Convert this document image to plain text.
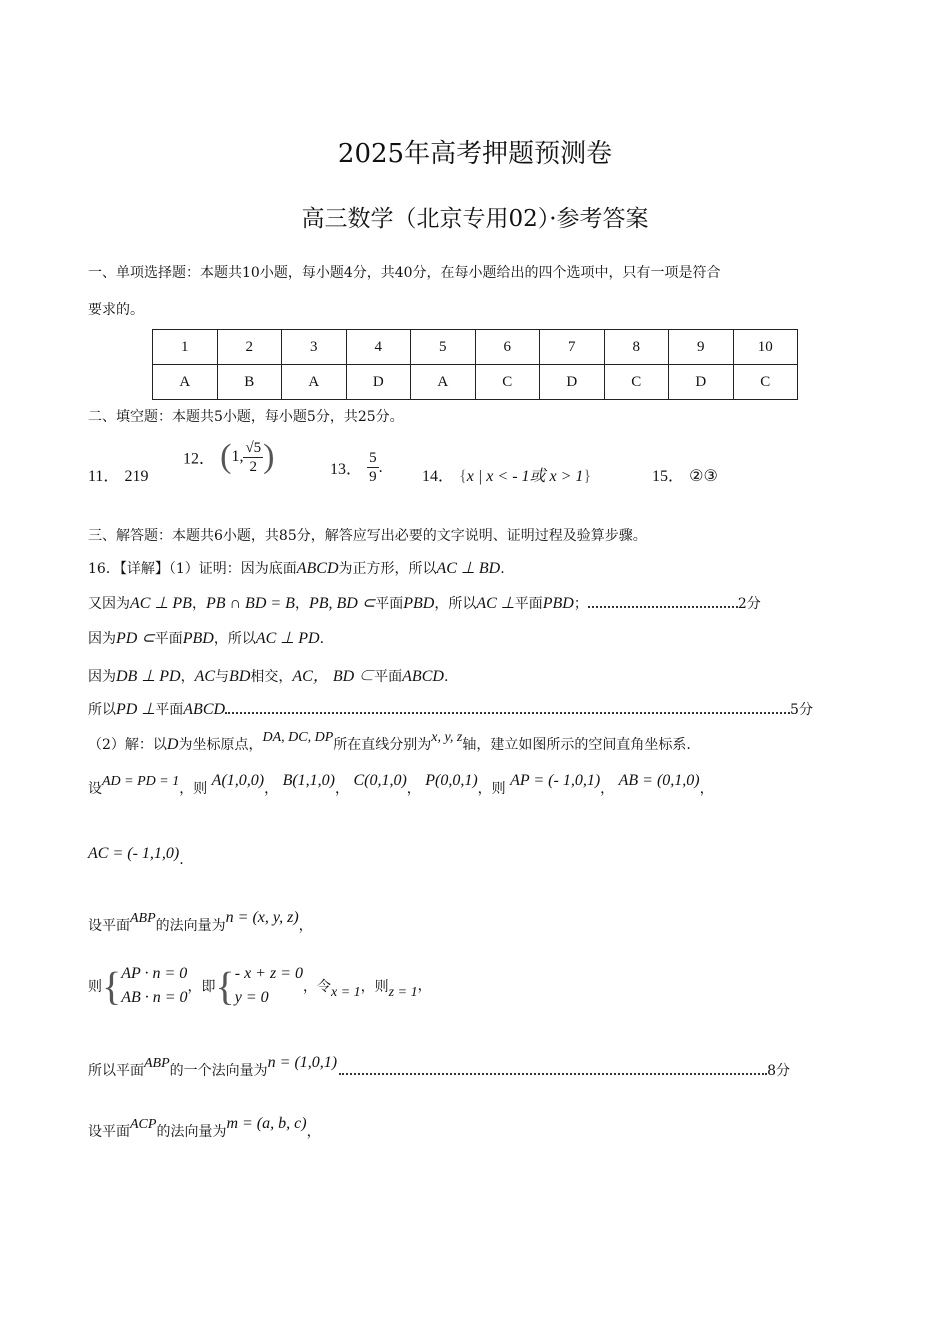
2025年高考押题预测卷
高三数学（北京专用02）·参考答案
一、单项选择题：本题共10小题，每小题4分，共40分，在每小题给出的四个选项中，只有一项是符合
要求的。
1	2	3	4	5	6	7	8	9	10
A	B	A	D	A	C	D	C	D	C
二、填空题：本题共5小题，每小题5分，共25分。
11． 219
12． (1, $\frac{√5}{2}$ )	13． $\frac{5}{9}$ .
14． {x | x < - 1或 x > 1}	15． ②③
三、解答题：本题共6小题，共85分，解答应写出必要的文字说明、证明过程及验算步骤。
16．【详解】（1）证明：因为底面ABCD为正方形，所以AC ⊥ BD.
又因为AC ⊥ PB，PB ∩ BD = B，PB, BD ⊂平面PBD，所以AC ⊥平面PBD；	2分
因为PD ⊂平面PBD，所以AC ⊥ PD.
因为DB ⊥ PD，AC与BD相交，AC， BD ⊂平面ABCD.
所以PD ⊥平面ABCD	5分
（2）解：以D为坐标原点，DA, DC, DP所在直线分别为x, y, z轴，建立如图所示的空间直角坐标系.
设AD = PD = 1，则 A(1,0,0)， B(1,1,0)， C(0,1,0)， P(0,0,1)，则 AP = (- 1,0,1)， AB = (0,1,0)，
AC = (- 1,1,0).
设平面ABP的法向量为n = (x, y, z)，
则{ AP · n = 0
AB · n = 0
，即{ - x + z = 0
y = 0
，令x = 1，则z = 1，
所以平面ABP的一个法向量为n = (1,0,1)	8分
设平面ACP的法向量为m = (a, b, c)，
